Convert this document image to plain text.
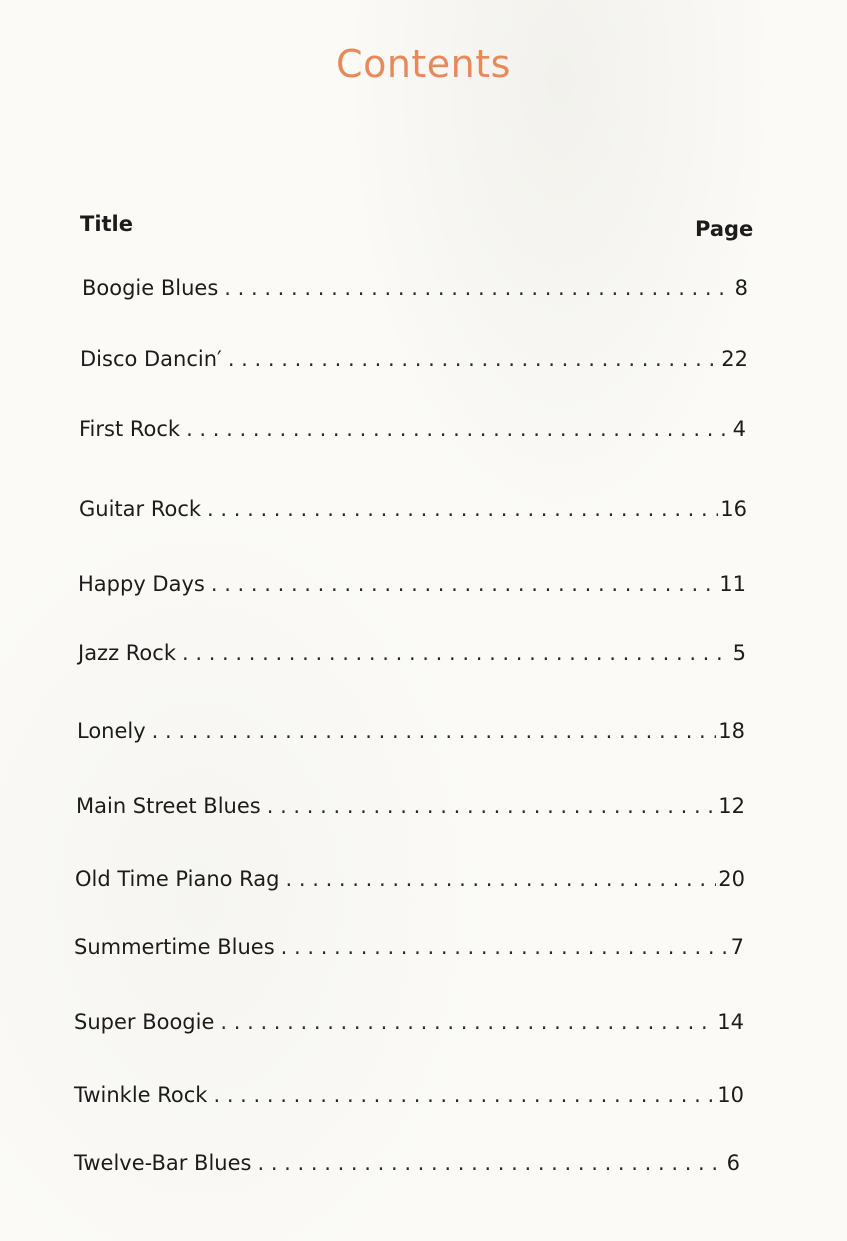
Contents
Title	Page
Boogie Blues . . .	8
Disco Dancin′ . . .	22
First Rock . . .	4
Guitar Rock . . .	16
Happy Days . . .	11
Jazz Rock . . .	5
Lonely . . .	18
Main Street Blues . . .	12
Old Time Piano Rag . . .	20
Summertime Blues . . .	7
Super Boogie . . .	14
Twinkle Rock . . .	10
Twelve-Bar Blues . . .	6
